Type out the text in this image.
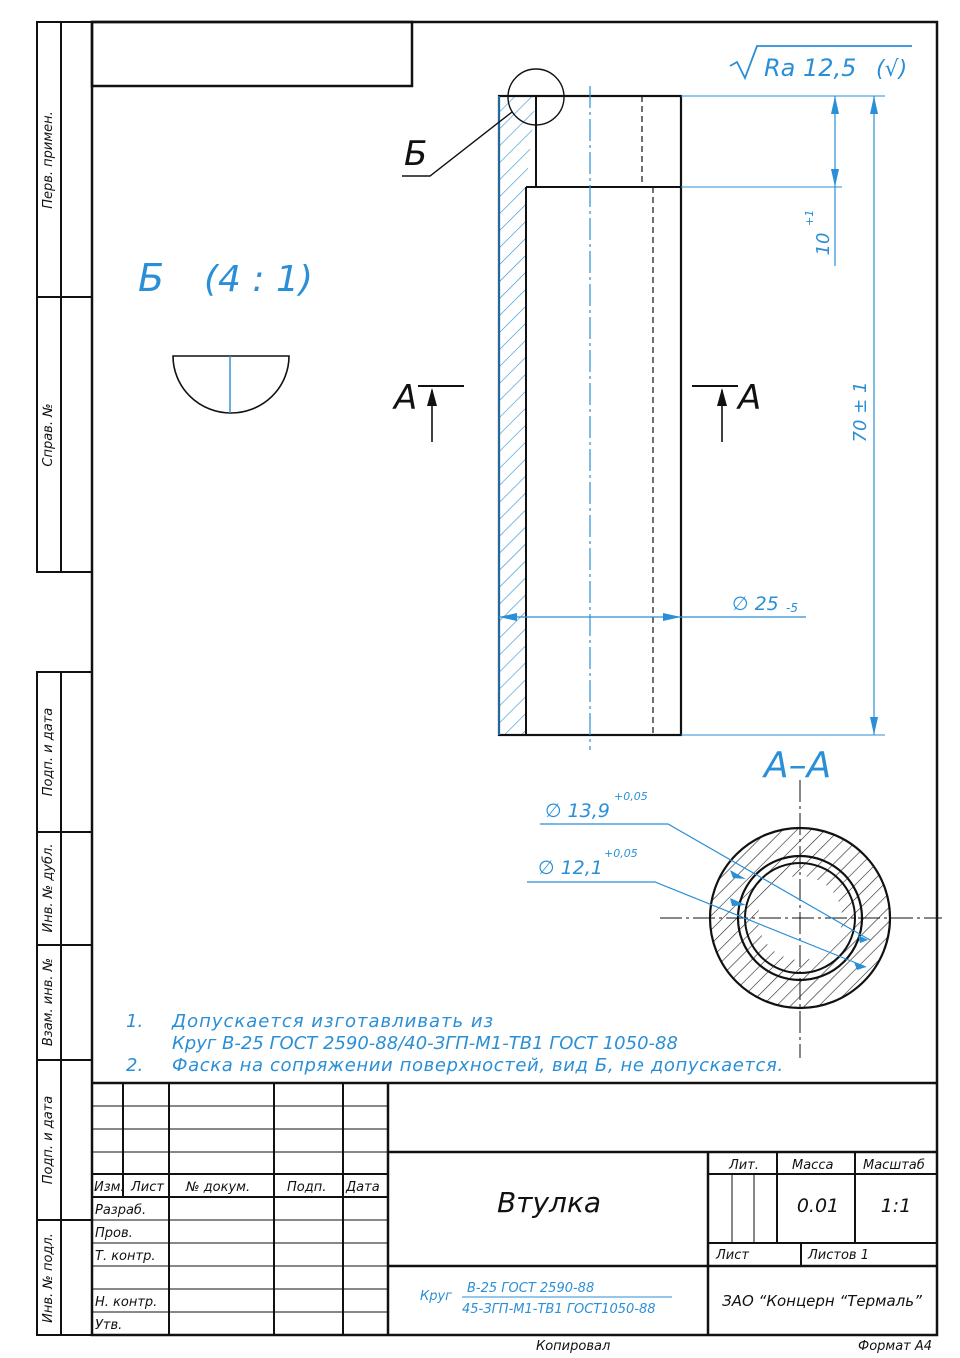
Перв. примен.
Справ. №
Подп. и дата
Инв. № дубл.
Взам. инв. №
Подп. и дата
Инв. № подл.
Ra 12,5 (√)
Б
А	А
10
+1
70 ± 1
∅ 25 -5
Б (4 : 1)
А–А
∅ 13,9
+0,05
∅ 12,1
+0,05
1. Допускается изготавливать из
Круг В-25 ГОСТ 2590-88/40-ЗГП-М1-ТВ1 ГОСТ 1050-88
2. Фаска на сопряжении поверхностей, вид Б, не допускается.
Изм. Лист № докум.	Подп. Дата
Разраб.
Пров.
Т. контр.
Н. контр.
Утв.
Втулка
Лит.	Масса Масштаб
0.01 1:1
Лист	Листов 1
Круг
В-25 ГОСТ 2590-88
45-ЗГП-М1-ТВ1 ГОСТ1050-88	ЗАО “Концерн “Термаль”
Копировал	Формат А4
